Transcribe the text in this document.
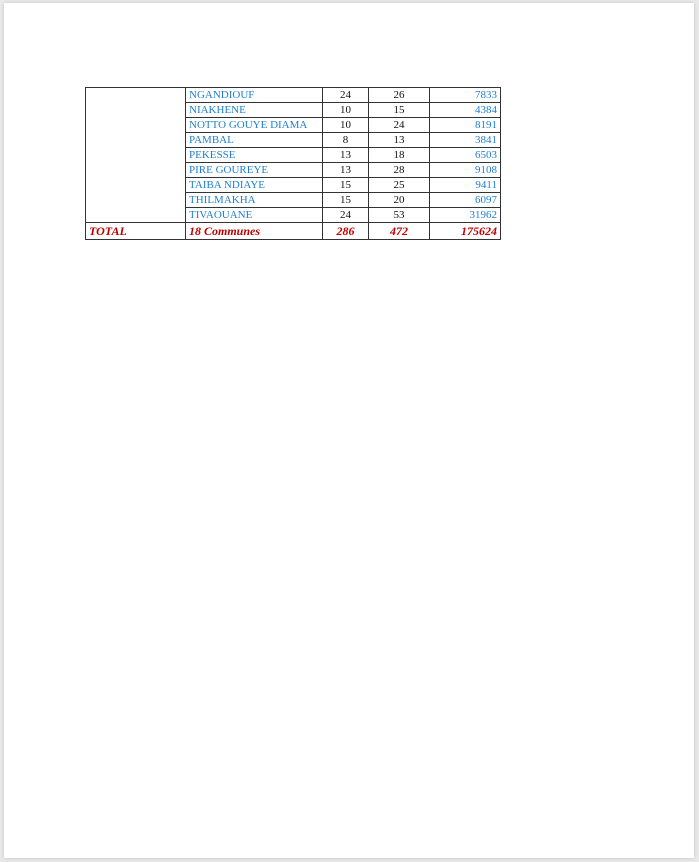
	NGANDIOUF	24	26	7833
	NIAKHENE	10	15	4384
	NOTTO GOUYE DIAMA	10	24	8191
	PAMBAL	8	13	3841
	PEKESSE	13	18	6503
	PIRE GOUREYE	13	28	9108
	TAIBA NDIAYE	15	25	9411
	THILMAKHA	15	20	6097
	TIVAOUANE	24	53	31962
TOTAL	18 Communes	286	472	175624
